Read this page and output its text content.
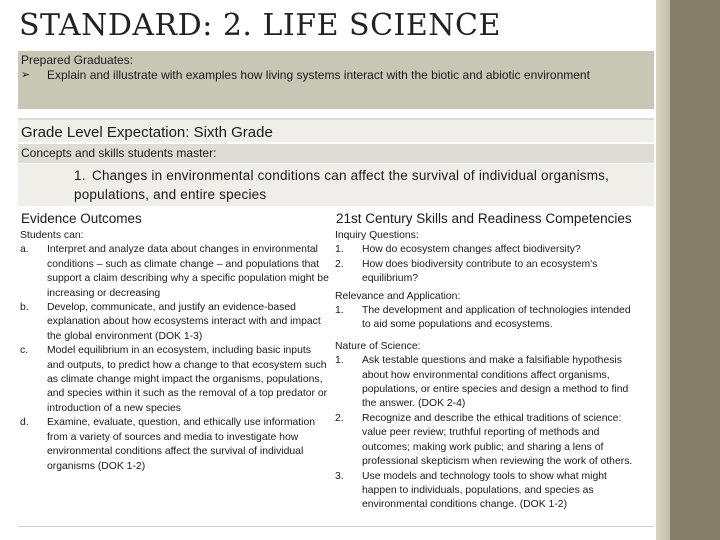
STANDARD: 2. LIFE SCIENCE
Prepared Graduates:
➢	Explain and illustrate with examples how living systems interact with the biotic and abiotic environment
Grade Level Expectation: Sixth Grade
Concepts and skills students master:
1. Changes in environmental conditions can affect the survival of individual organisms, populations, and entire species
Evidence Outcomes	21st Century Skills and Readiness Competencies
Students can:
a.	Interpret and analyze data about changes in environmental conditions – such as climate change – and populations that support a claim describing why a specific population might be increasing or decreasing
b.	Develop, communicate, and justify an evidence-based explanation about how ecosystems interact with and impact the global environment (DOK 1-3)
c.	Model equilibrium in an ecosystem, including basic inputs and outputs, to predict how a change to that ecosystem such as climate change might impact the organisms, populations, and species within it such as the removal of a top predator or introduction of a new species
d.	Examine, evaluate, question, and ethically use information from a variety of sources and media to investigate how environmental conditions affect the survival of individual organisms (DOK 1-2)
Inquiry Questions:
1.	How do ecosystem changes affect biodiversity?
2.	How does biodiversity contribute to an ecosystem's equilibrium?
Relevance and Application:
1.	The development and application of technologies intended to aid some populations and ecosystems.
Nature of Science:
1.	Ask testable questions and make a falsifiable hypothesis about how environmental conditions affect organisms, populations, or entire species and design a method to find the answer. (DOK 2-4)
2.	Recognize and describe the ethical traditions of science: value peer review; truthful reporting of methods and outcomes; making work public; and sharing a lens of professional skepticism when reviewing the work of others.
3.	Use models and technology tools to show what might happen to individuals, populations, and species as environmental conditions change. (DOK 1-2)
